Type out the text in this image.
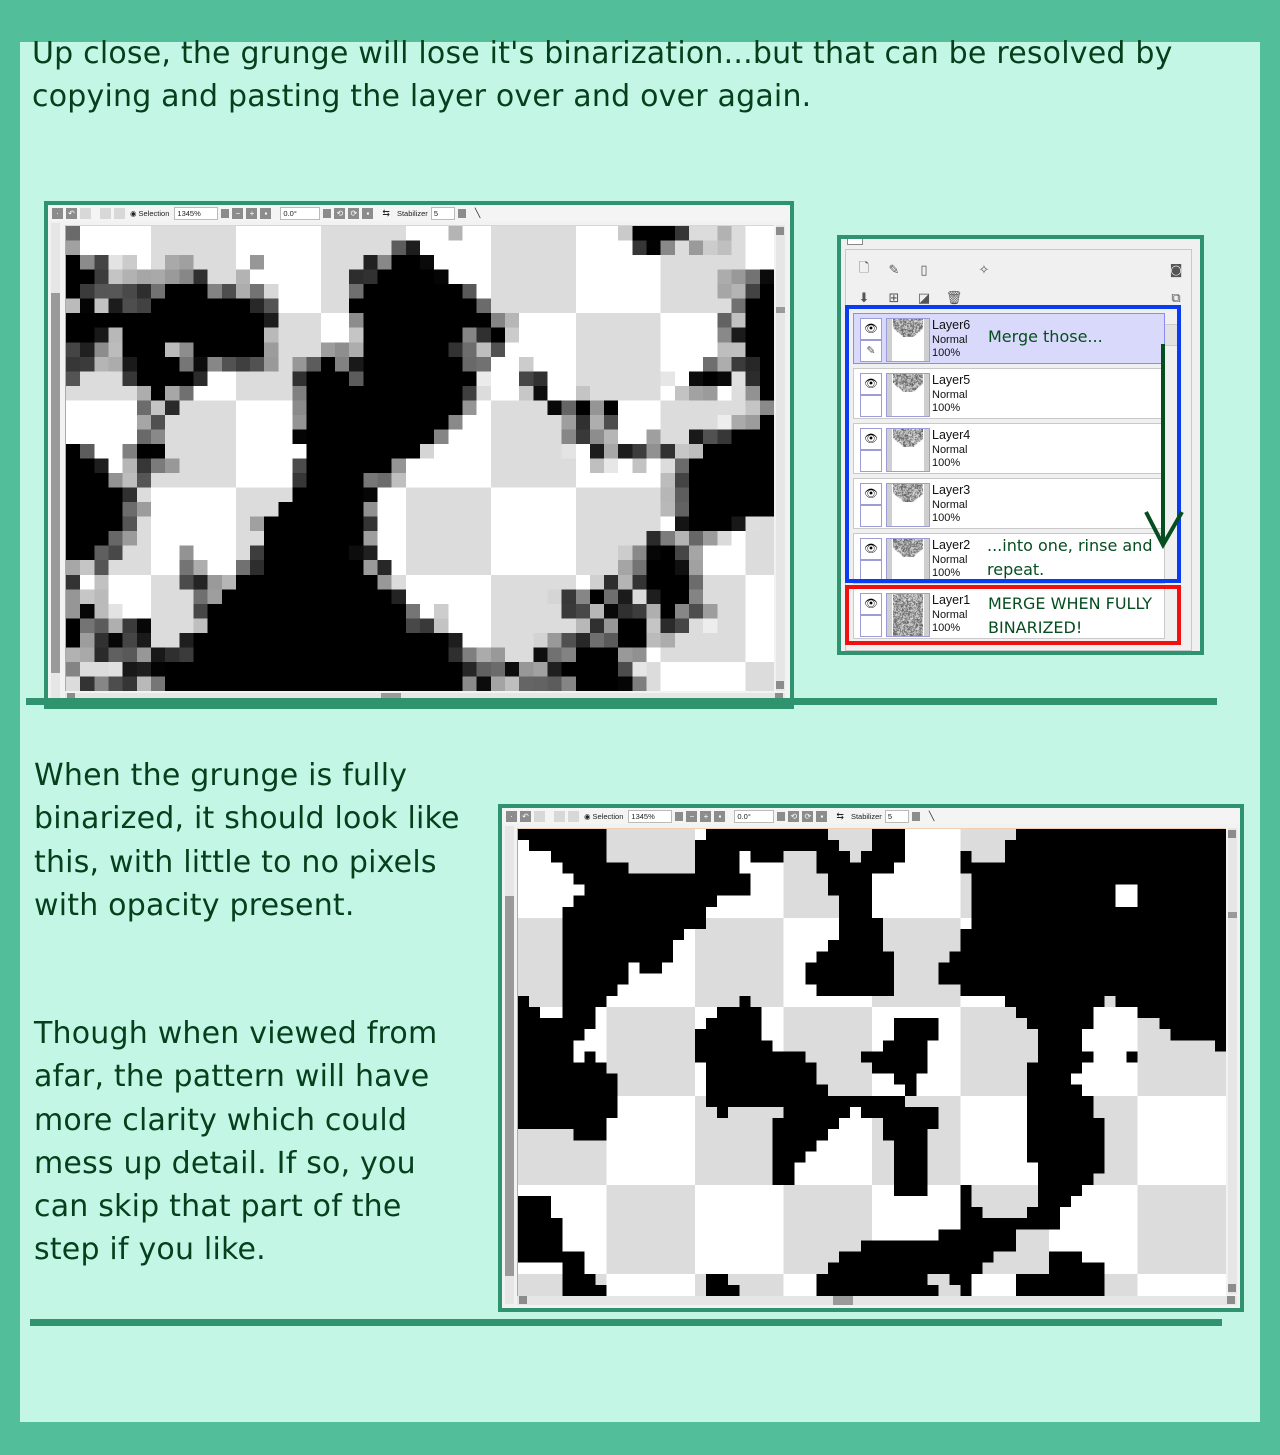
Up close, the grunge will lose it's binarization...but that can be resolved by copying and pasting the layer over and over again.
·	↶	◉ Selection 1345%	−	+	▪	0.0°	⟲ ⟳	▪	⇆ Stabilizer 5	╲
🗋 ✎	▯	✧	◙
⬇ ⊞ ◪ 🗑	⧉
👁
✎
Layer6
Normal
100%
👁	Layer5
Normal
100%
👁	Layer4
Normal
100%
👁	Layer3
Normal
100%
👁	Layer2
Normal
100%
👁	Layer1
Normal
100%
Merge those...
...into one, rinse and repeat.
MERGE WHEN FULLY BINARIZED!
When the grunge is fully binarized, it should look like this, with little to no pixels with opacity present.
Though when viewed from afar, the pattern will have more clarity which could mess up detail. If so, you can skip that part of the step if you like.
·	↶	◉ Selection 1345%	−	+	▪	0.0°	⟲ ⟳	▪	⇆ Stabilizer 5	╲
